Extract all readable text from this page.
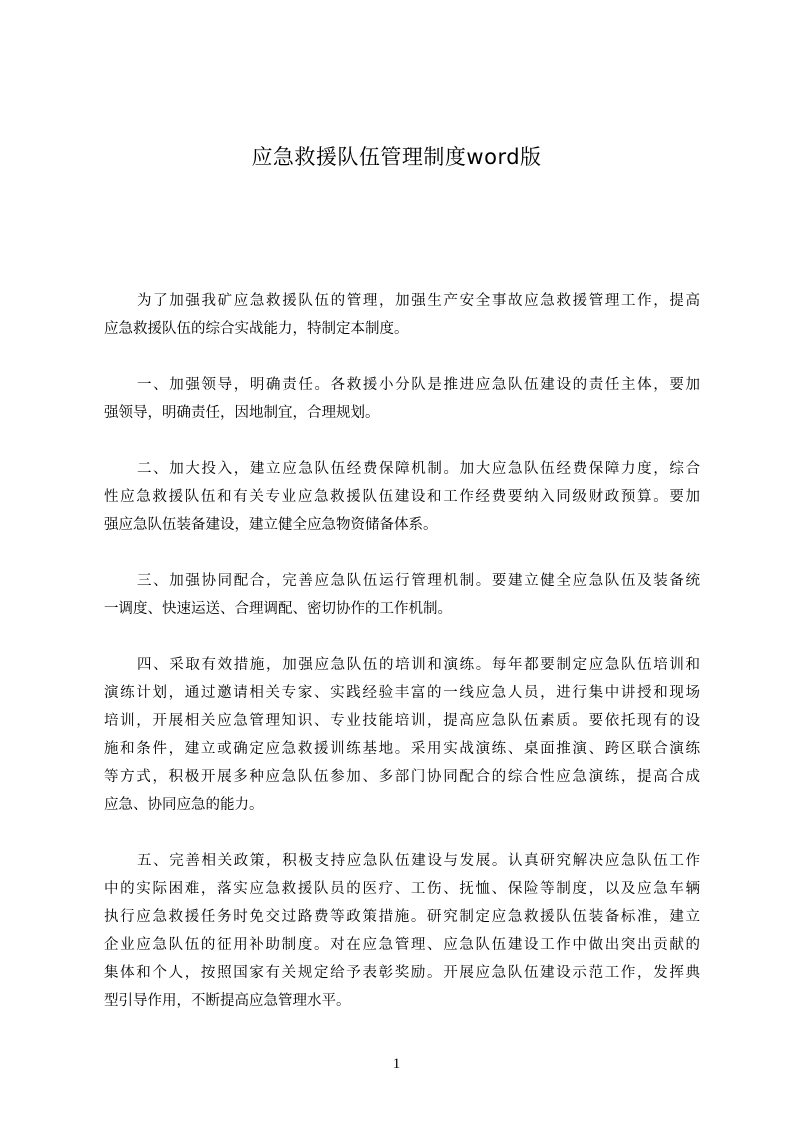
应急救援队伍管理制度word版
为了加强我矿应急救援队伍的管理，加强生产安全事故应急救援管理工作，提高
应急救援队伍的综合实战能力，特制定本制度。
一、加强领导，明确责任。各救援小分队是推进应急队伍建设的责任主体，要加
强领导，明确责任，因地制宜，合理规划。
二、加大投入，建立应急队伍经费保障机制。加大应急队伍经费保障力度，综合
性应急救援队伍和有关专业应急救援队伍建设和工作经费要纳入同级财政预算。要加
强应急队伍装备建设，建立健全应急物资储备体系。
三、加强协同配合，完善应急队伍运行管理机制。要建立健全应急队伍及装备统
一调度、快速运送、合理调配、密切协作的工作机制。
四、采取有效措施，加强应急队伍的培训和演练。每年都要制定应急队伍培训和
演练计划，通过邀请相关专家、实践经验丰富的一线应急人员，进行集中讲授和现场
培训，开展相关应急管理知识、专业技能培训，提高应急队伍素质。要依托现有的设
施和条件，建立或确定应急救援训练基地。采用实战演练、桌面推演、跨区联合演练
等方式，积极开展多种应急队伍参加、多部门协同配合的综合性应急演练，提高合成
应急、协同应急的能力。
五、完善相关政策，积极支持应急队伍建设与发展。认真研究解决应急队伍工作
中的实际困难，落实应急救援队员的医疗、工伤、抚恤、保险等制度，以及应急车辆
执行应急救援任务时免交过路费等政策措施。研究制定应急救援队伍装备标准，建立
企业应急队伍的征用补助制度。对在应急管理、应急队伍建设工作中做出突出贡献的
集体和个人，按照国家有关规定给予表彰奖励。开展应急队伍建设示范工作，发挥典
型引导作用，不断提高应急管理水平。
1
